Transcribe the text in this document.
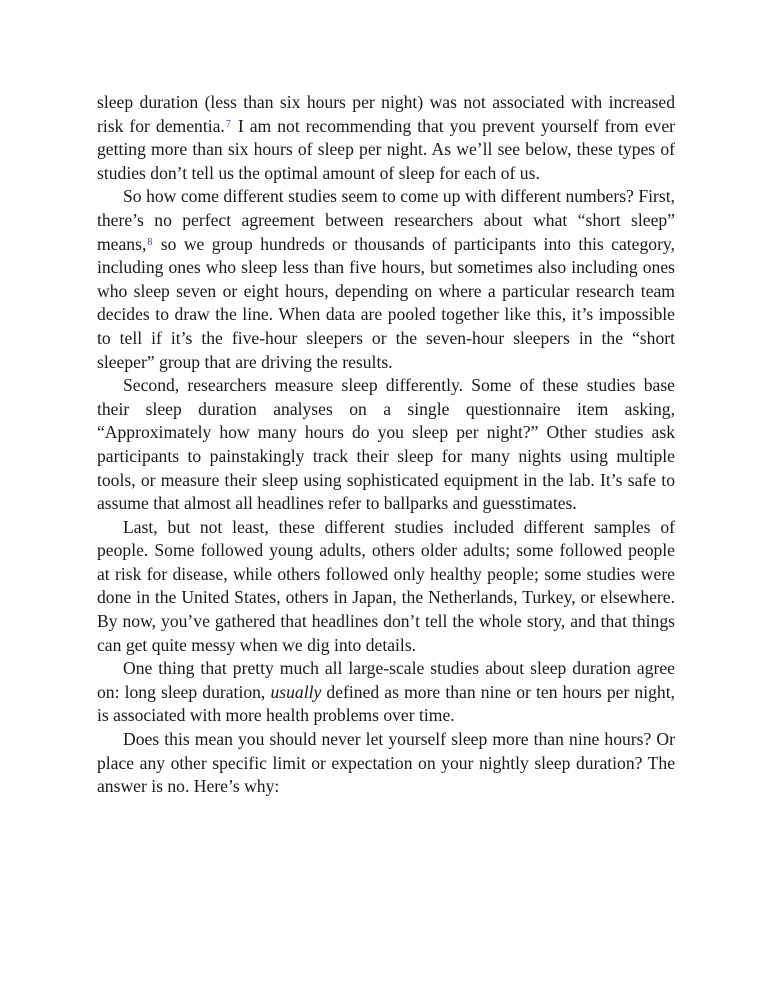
sleep duration (less than six hours per night) was not associated with increased risk for dementia.$^7$ I am not recommending that you prevent yourself from ever getting more than six hours of sleep per night. As we’ll see below, these types of studies don’t tell us the optimal amount of sleep for each of us.

So how come different studies seem to come up with different numbers? First, there’s no perfect agreement between researchers about what “short sleep” means,$^8$ so we group hundreds or thousands of participants into this category, including ones who sleep less than five hours, but sometimes also including ones who sleep seven or eight hours, depending on where a particular research team decides to draw the line. When data are pooled together like this, it’s impossible to tell if it’s the five-hour sleepers or the seven-hour sleepers in the “short sleeper” group that are driving the results.

Second, researchers measure sleep differently. Some of these studies base their sleep duration analyses on a single questionnaire item asking, “Approximately how many hours do you sleep per night?” Other studies ask participants to painstakingly track their sleep for many nights using multiple tools, or measure their sleep using sophisticated equipment in the lab. It’s safe to assume that almost all headlines refer to ballparks and guesstimates.

Last, but not least, these different studies included different samples of people. Some followed young adults, others older adults; some followed people at risk for disease, while others followed only healthy people; some studies were done in the United States, others in Japan, the Netherlands, Turkey, or elsewhere. By now, you’ve gathered that headlines don’t tell the whole story, and that things can get quite messy when we dig into details.

One thing that pretty much all large-scale studies about sleep duration agree on: long sleep duration, usually defined as more than nine or ten hours per night, is associated with more health problems over time.

Does this mean you should never let yourself sleep more than nine hours? Or place any other specific limit or expectation on your nightly sleep duration? The answer is no. Here’s why:
